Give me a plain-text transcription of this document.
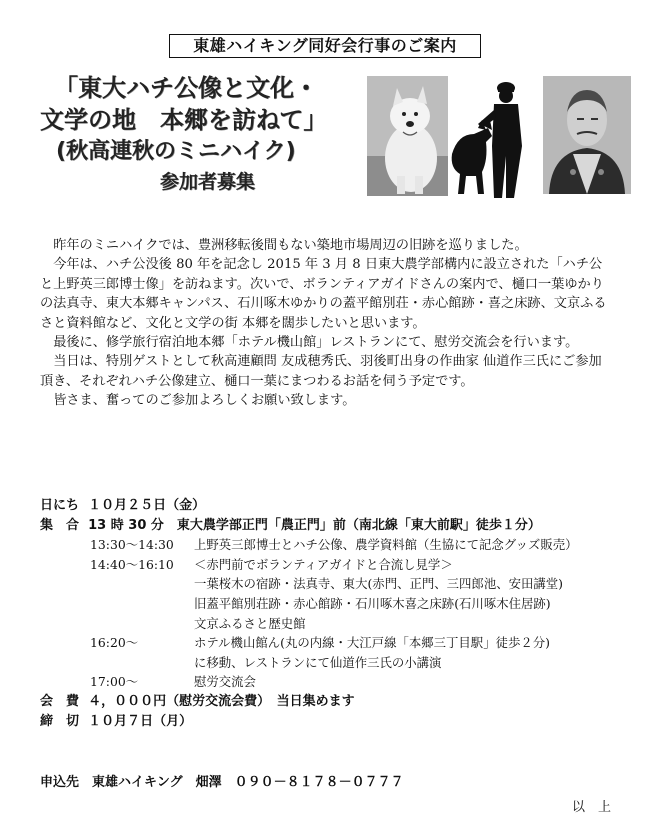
東雄ハイキング同好会行事のご案内
「東大ハチ公像と文化・
文学の地　本郷を訪ねて」
(秋高連秋のミニハイク)
参加者募集

昨年のミニハイクでは、豊洲移転後間もない築地市場周辺の旧跡を巡りました。

今年は、ハチ公没後 80 年を記念し 2015 年 3 月 8 日東大農学部構内に設立された「ハチ公と上野英三郎博士像」を訪ねます。次いで、ボランティアガイドさんの案内で、樋口一葉ゆかりの法真寺、東大本郷キャンパス、石川啄木ゆかりの蓋平館別荘・赤心館跡・喜之床跡、文京ふるさと資料館など、文化と文学の街 本郷を闊歩したいと思います。

最後に、修学旅行宿泊地本郷「ホテル機山館」レストランにて、慰労交流会を行います。

当日は、特別ゲストとして秋高連顧問 友成穂秀氏、羽後町出身の作曲家 仙道作三氏にご参加頂き、それぞれハチ公像建立、樋口一葉にまつわるお話を伺う予定です。

皆さま、奮ってのご参加よろしくお願い致します。

日にち １０月２５日（金）
集　合 13 時 30 分　東大農学部正門「農正門」前（南北線「東大前駅」徒歩１分）
13:30～14:30 上野英三郎博士とハチ公像、農学資料館（生協にて記念グッズ販売）
14:40～16:10 ＜赤門前でボランティアガイドと合流し見学＞
一葉桜木の宿跡・法真寺、東大(赤門、正門、三四郎池、安田講堂)
旧蓋平館別荘跡・赤心館跡・石川啄木喜之床跡(石川啄木住居跡)
文京ふるさと歴史館
16:20～	ホテル機山館ん(丸の内線・大江戸線「本郷三丁目駅」徒歩２分)
に移動、レストランにて仙道作三氏の小講演
17:00～	慰労交流会
会　費 ４，０００円（慰労交流会費）　当日集めます
締　切 １０月７日（月）
申込先　東雄ハイキング　畑澤　０９０－８１７８－０７７７
以　上
